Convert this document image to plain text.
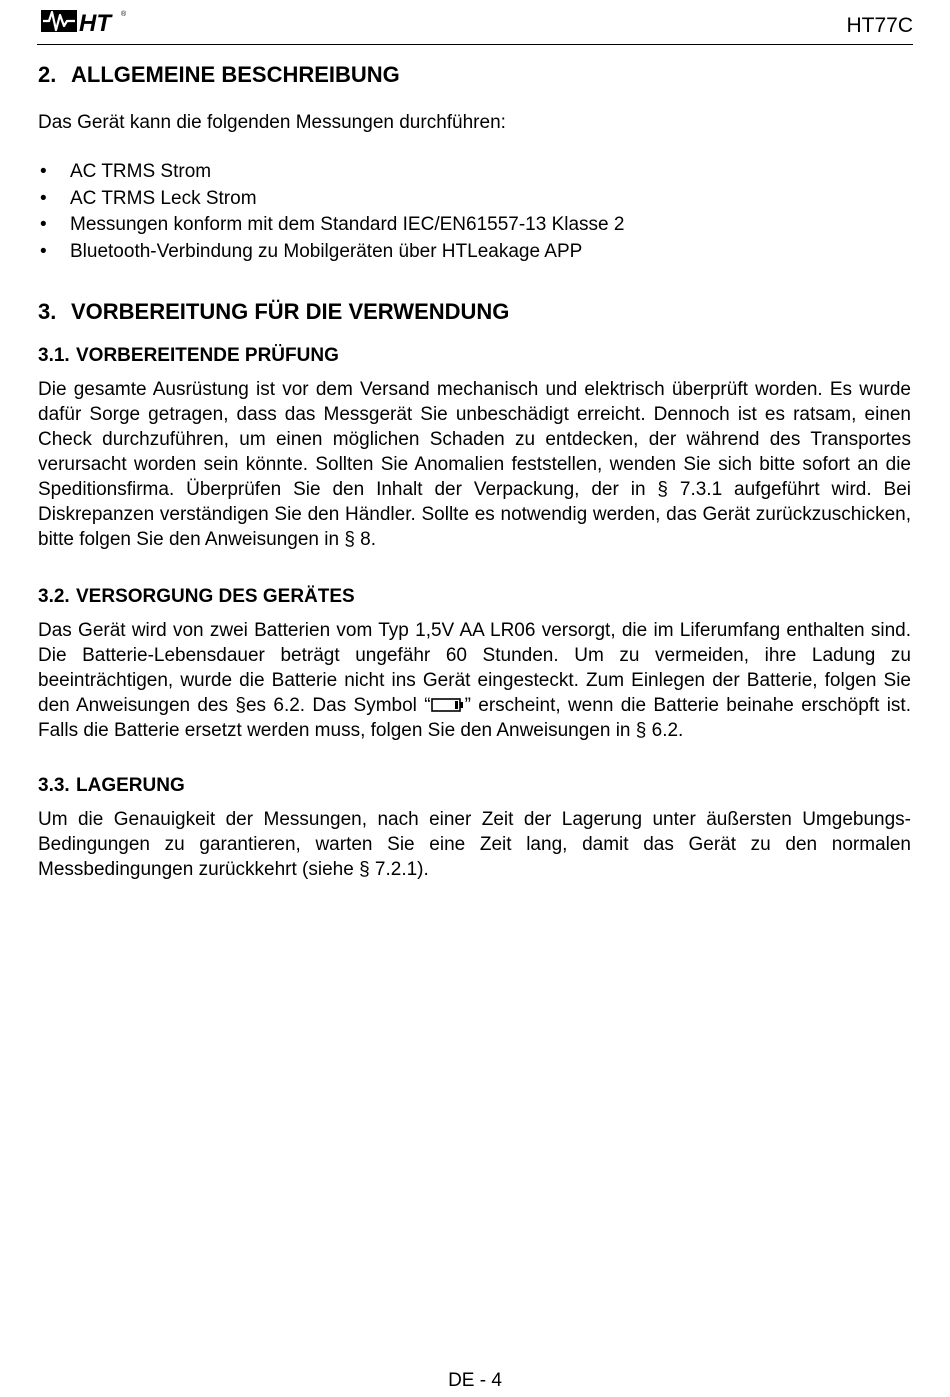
HT	®	HT77C
2. ALLGEMEINE BESCHREIBUNG

Das Gerät kann die folgenden Messungen durchführen:

• AC TRMS Strom
• AC TRMS Leck Strom
• Messungen konform mit dem Standard IEC/EN61557-13 Klasse 2
• Bluetooth-Verbindung zu Mobilgeräten über HTLeakage APP
3. VORBEREITUNG FÜR DIE VERWENDUNG
3.1. VORBEREITENDE PRÜFUNG

Die gesamte Ausrüstung ist vor dem Versand mechanisch und elektrisch überprüft worden. Es wurde dafür Sorge getragen, dass das Messgerät Sie unbeschädigt erreicht. Dennoch ist es ratsam, einen Check durchzuführen, um einen möglichen Schaden zu entdecken, der während des Transportes verursacht worden sein könnte. Sollten Sie Anomalien feststellen, wenden Sie sich bitte sofort an die Speditionsfirma. Überprüfen Sie den Inhalt der Verpackung, der in § 7.3.1 aufgeführt wird. Bei Diskrepanzen verständigen Sie den Händler. Sollte es notwendig werden, das Gerät zurückzuschicken, bitte folgen Sie den Anweisungen in § 8.

3.2. VERSORGUNG DES GERÄTES

Das Gerät wird von zwei Batterien vom Typ 1,5V AA LR06 versorgt, die im Liferumfang enthalten sind. Die Batterie-Lebensdauer beträgt ungefähr 60 Stunden. Um zu vermeiden, ihre Ladung zu beeinträchtigen, wurde die Batterie nicht ins Gerät eingesteckt. Zum Einlegen der Batterie, folgen Sie den Anweisungen des §es 6.2. Das Symbol “ ” erscheint, wenn die Batterie beinahe erschöpft ist. Falls die Batterie ersetzt werden muss, folgen Sie den Anweisungen in § 6.2.

3.3. LAGERUNG

Um die Genauigkeit der Messungen, nach einer Zeit der Lagerung unter äußersten Umgebungs-Bedingungen zu garantieren, warten Sie eine Zeit lang, damit das Gerät zu den normalen Messbedingungen zurückkehrt (siehe § 7.2.1).

DE - 4
